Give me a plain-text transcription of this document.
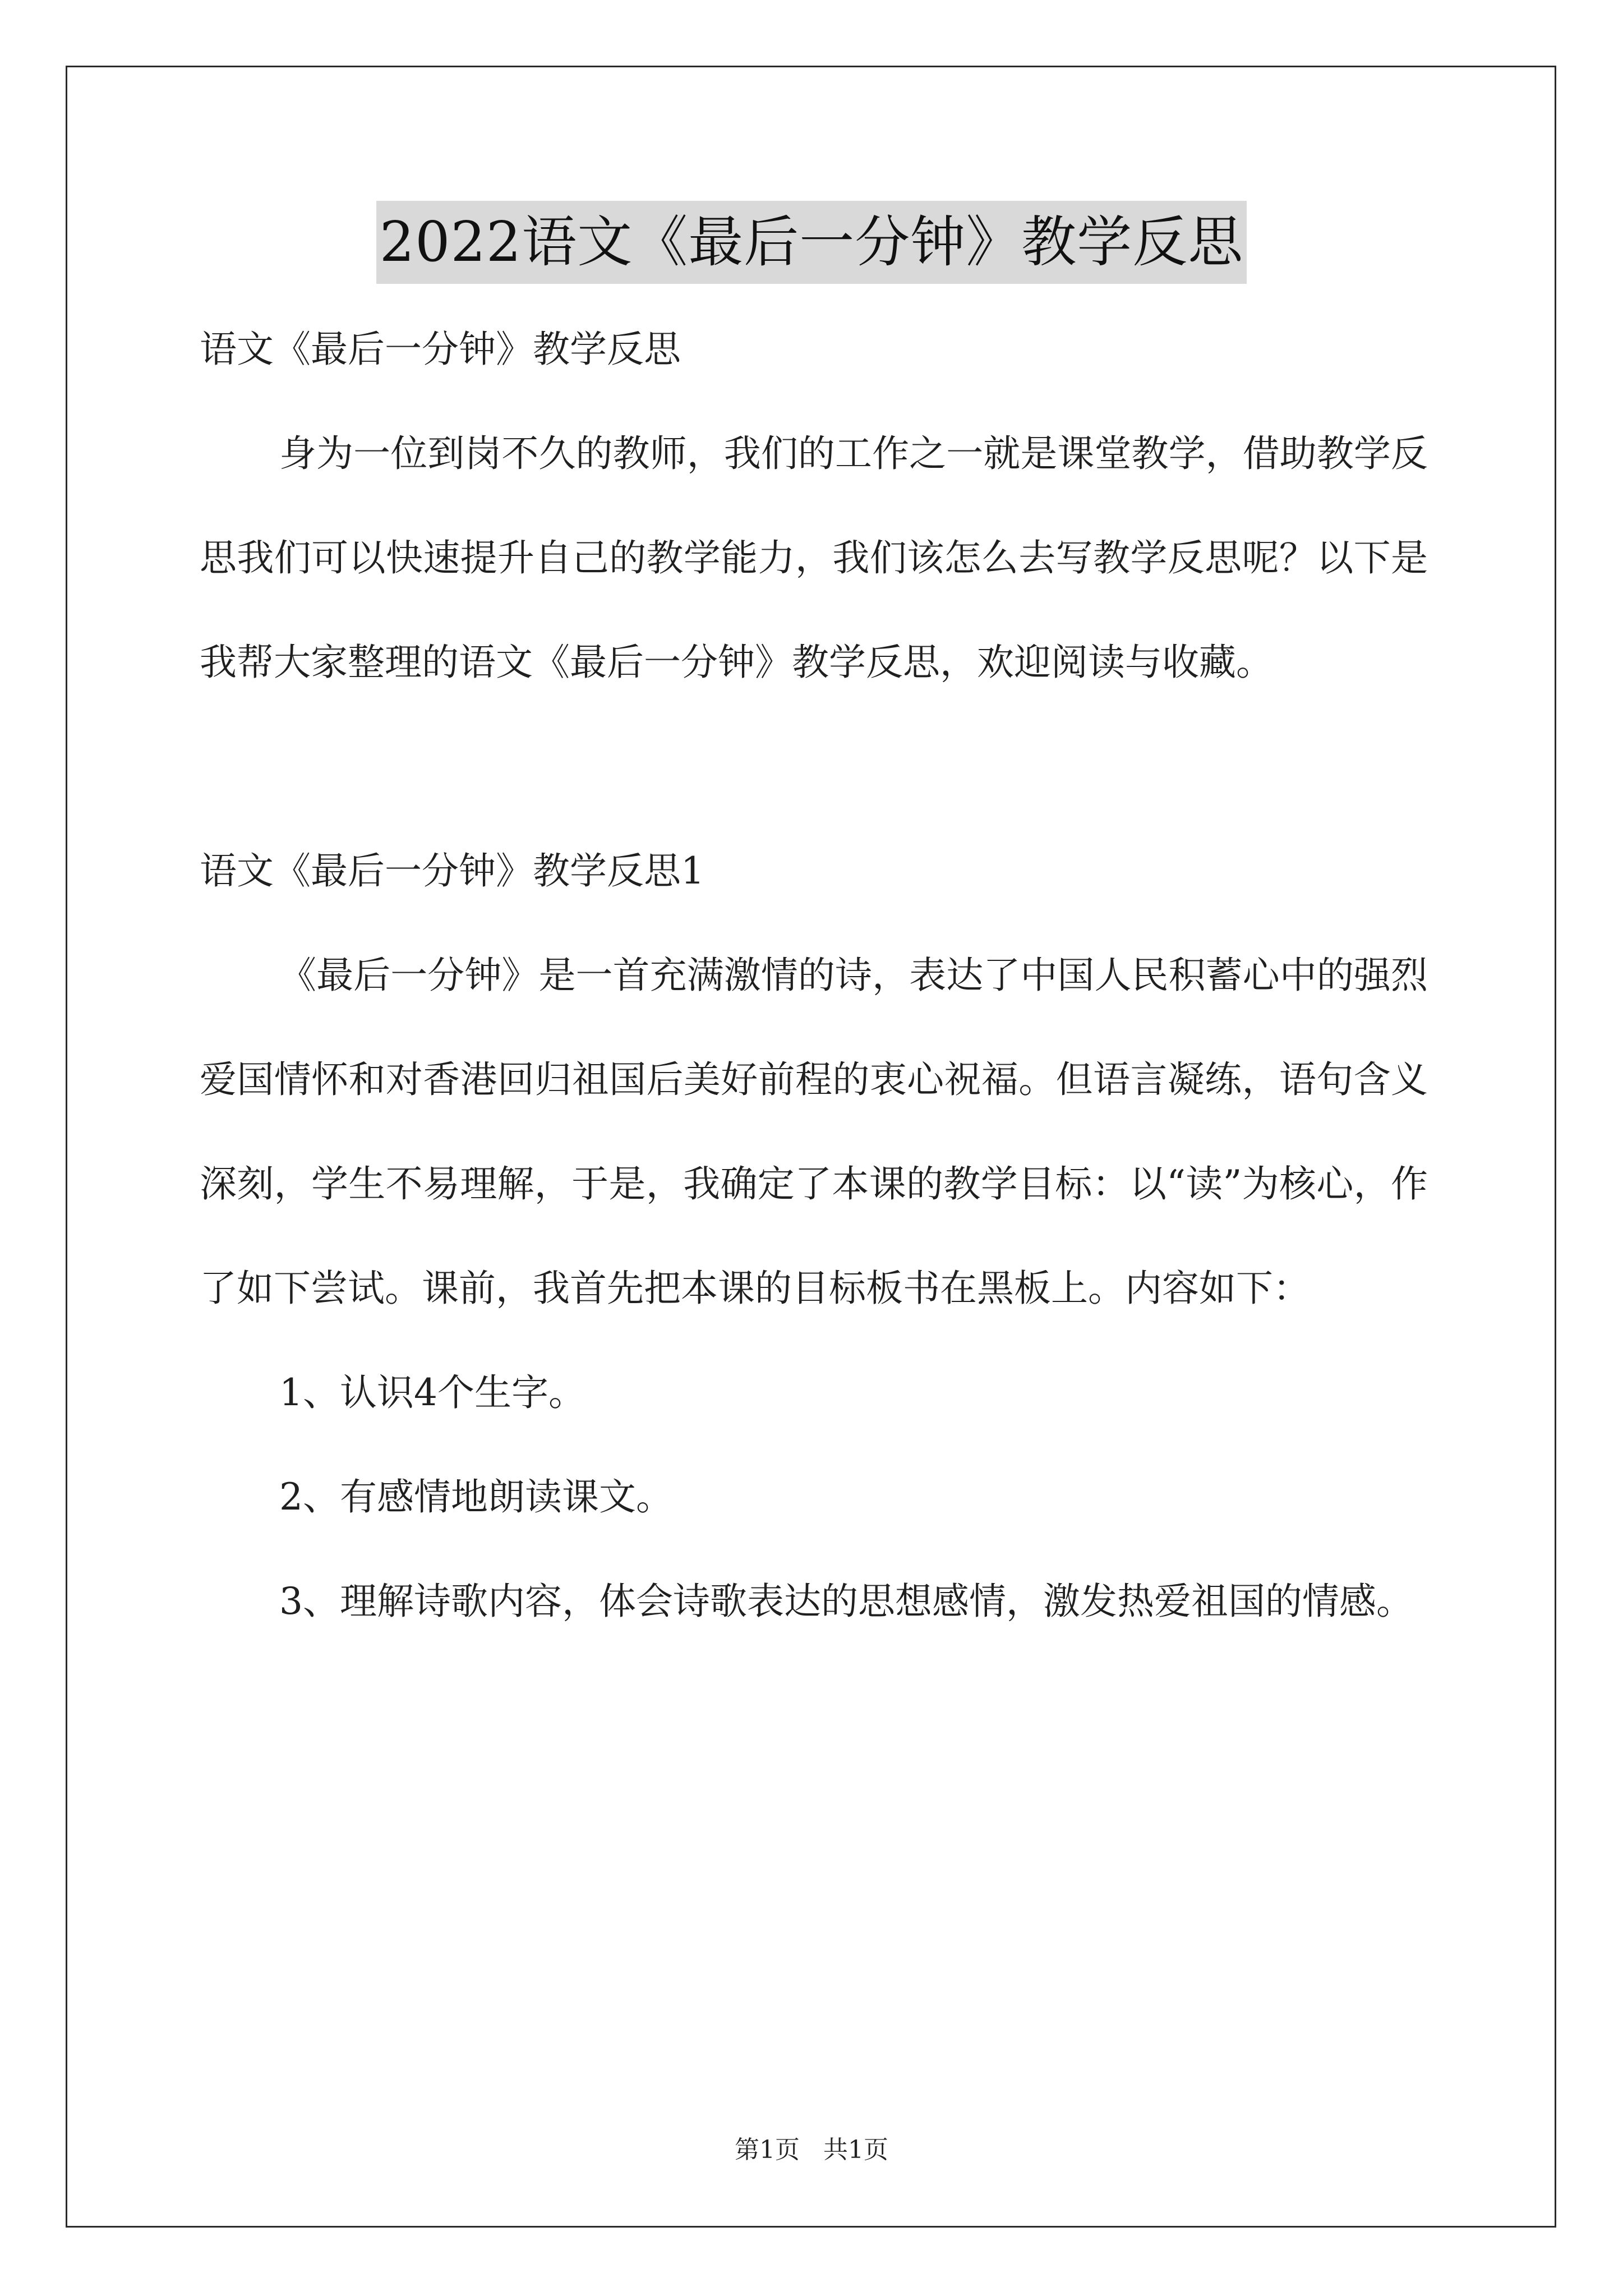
2022语文《最后一分钟》教学反思

语文《最后一分钟》教学反思

身为一位到岗不久的教师，我们的工作之一就是课堂教学，借助教学反思我们可以快速提升自己的教学能力，我们该怎么去写教学反思呢？以下是我帮大家整理的语文《最后一分钟》教学反思，欢迎阅读与收藏。

语文《最后一分钟》教学反思1

《最后一分钟》是一首充满激情的诗，表达了中国人民积蓄心中的强烈爱国情怀和对香港回归祖国后美好前程的衷心祝福。但语言凝练，语句含义深刻，学生不易理解，于是，我确定了本课的教学目标：以“读”为核心，作了如下尝试。课前，我首先把本课的目标板书在黑板上。内容如下：

1、认识4个生字。

2、有感情地朗读课文。

3、理解诗歌内容，体会诗歌表达的思想感情，激发热爱祖国的情感。

第1页   共1页
